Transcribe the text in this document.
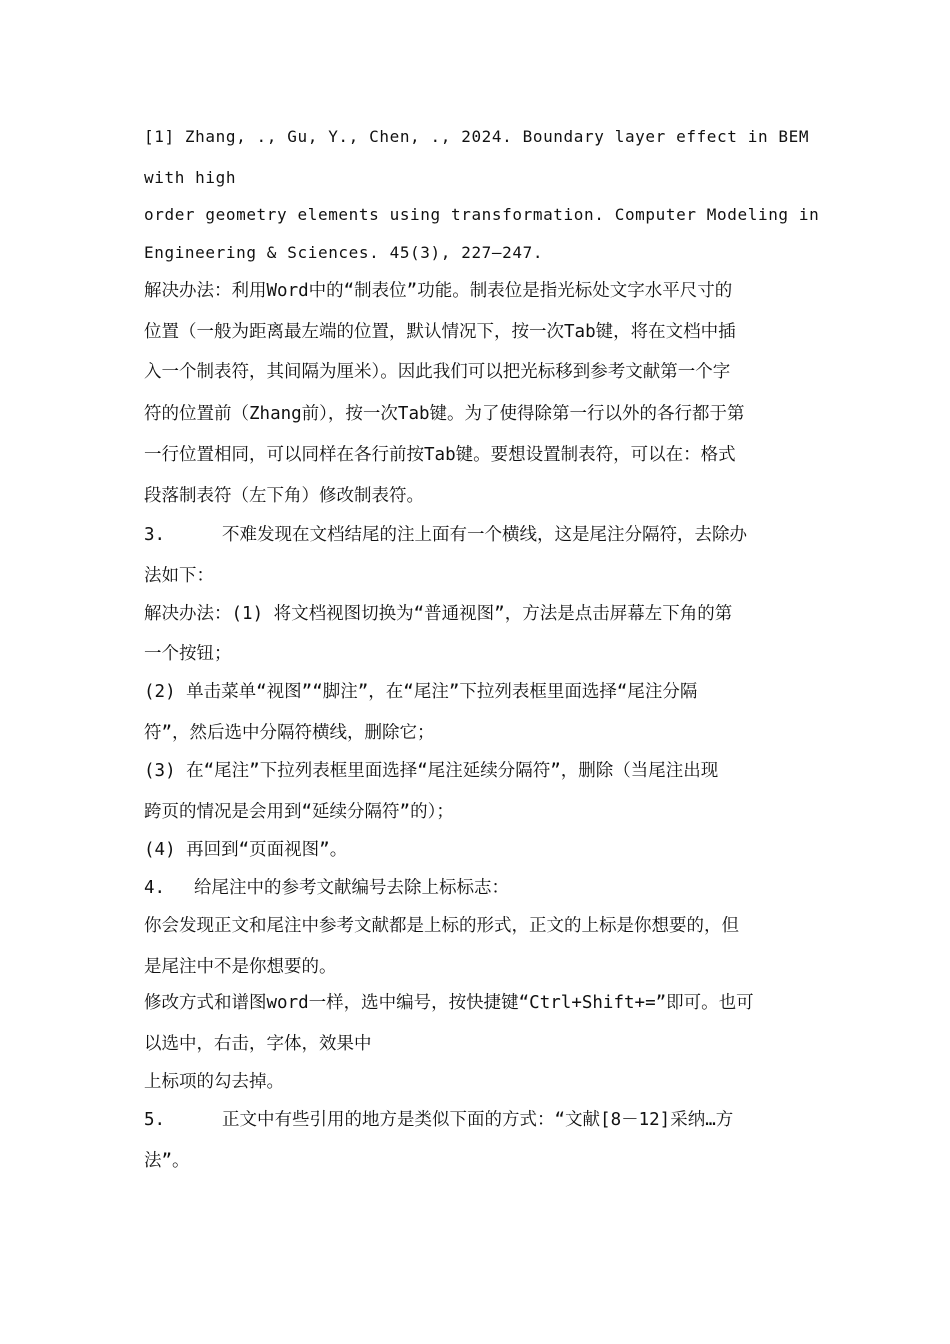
[1] Zhang, ., Gu, Y., Chen, ., 2024. Boundary layer effect in BEM
with high
order geometry elements using transformation. Computer Modeling in
Engineering & Sciences. 45(3), 227–247.
解决办法：利用Word中的“制表位”功能。制表位是指光标处文字水平尺寸的
位置（一般为距离最左端的位置，默认情况下，按一次Tab键，将在文档中插
入一个制表符，其间隔为厘米）。因此我们可以把光标移到参考文献第一个字
符的位置前（Zhang前），按一次Tab键。为了使得除第一行以外的各行都于第
一行位置相同，可以同样在各行前按Tab键。要想设置制表符，可以在：格式
段落制表符（左下角）修改制表符。
3.	不难发现在文档结尾的注上面有一个横线，这是尾注分隔符，去除办
法如下：
解决办法：(1) 将文档视图切换为“普通视图”，方法是点击屏幕左下角的第
一个按钮；
(2) 单击菜单“视图”“脚注”，在“尾注”下拉列表框里面选择“尾注分隔
符”，然后选中分隔符横线，删除它；
(3) 在“尾注”下拉列表框里面选择“尾注延续分隔符”，删除（当尾注出现
跨页的情况是会用到“延续分隔符”的）；
(4) 再回到“页面视图”。
4. 给尾注中的参考文献编号去除上标标志：
你会发现正文和尾注中参考文献都是上标的形式，正文的上标是你想要的，但
是尾注中不是你想要的。
修改方式和谱图word一样，选中编号，按快捷键“Ctrl+Shift+=”即可。也可
以选中，右击，字体，效果中
上标项的勾去掉。
5.	正文中有些引用的地方是类似下面的方式：“文献[8－12]采纳…方
法”。
